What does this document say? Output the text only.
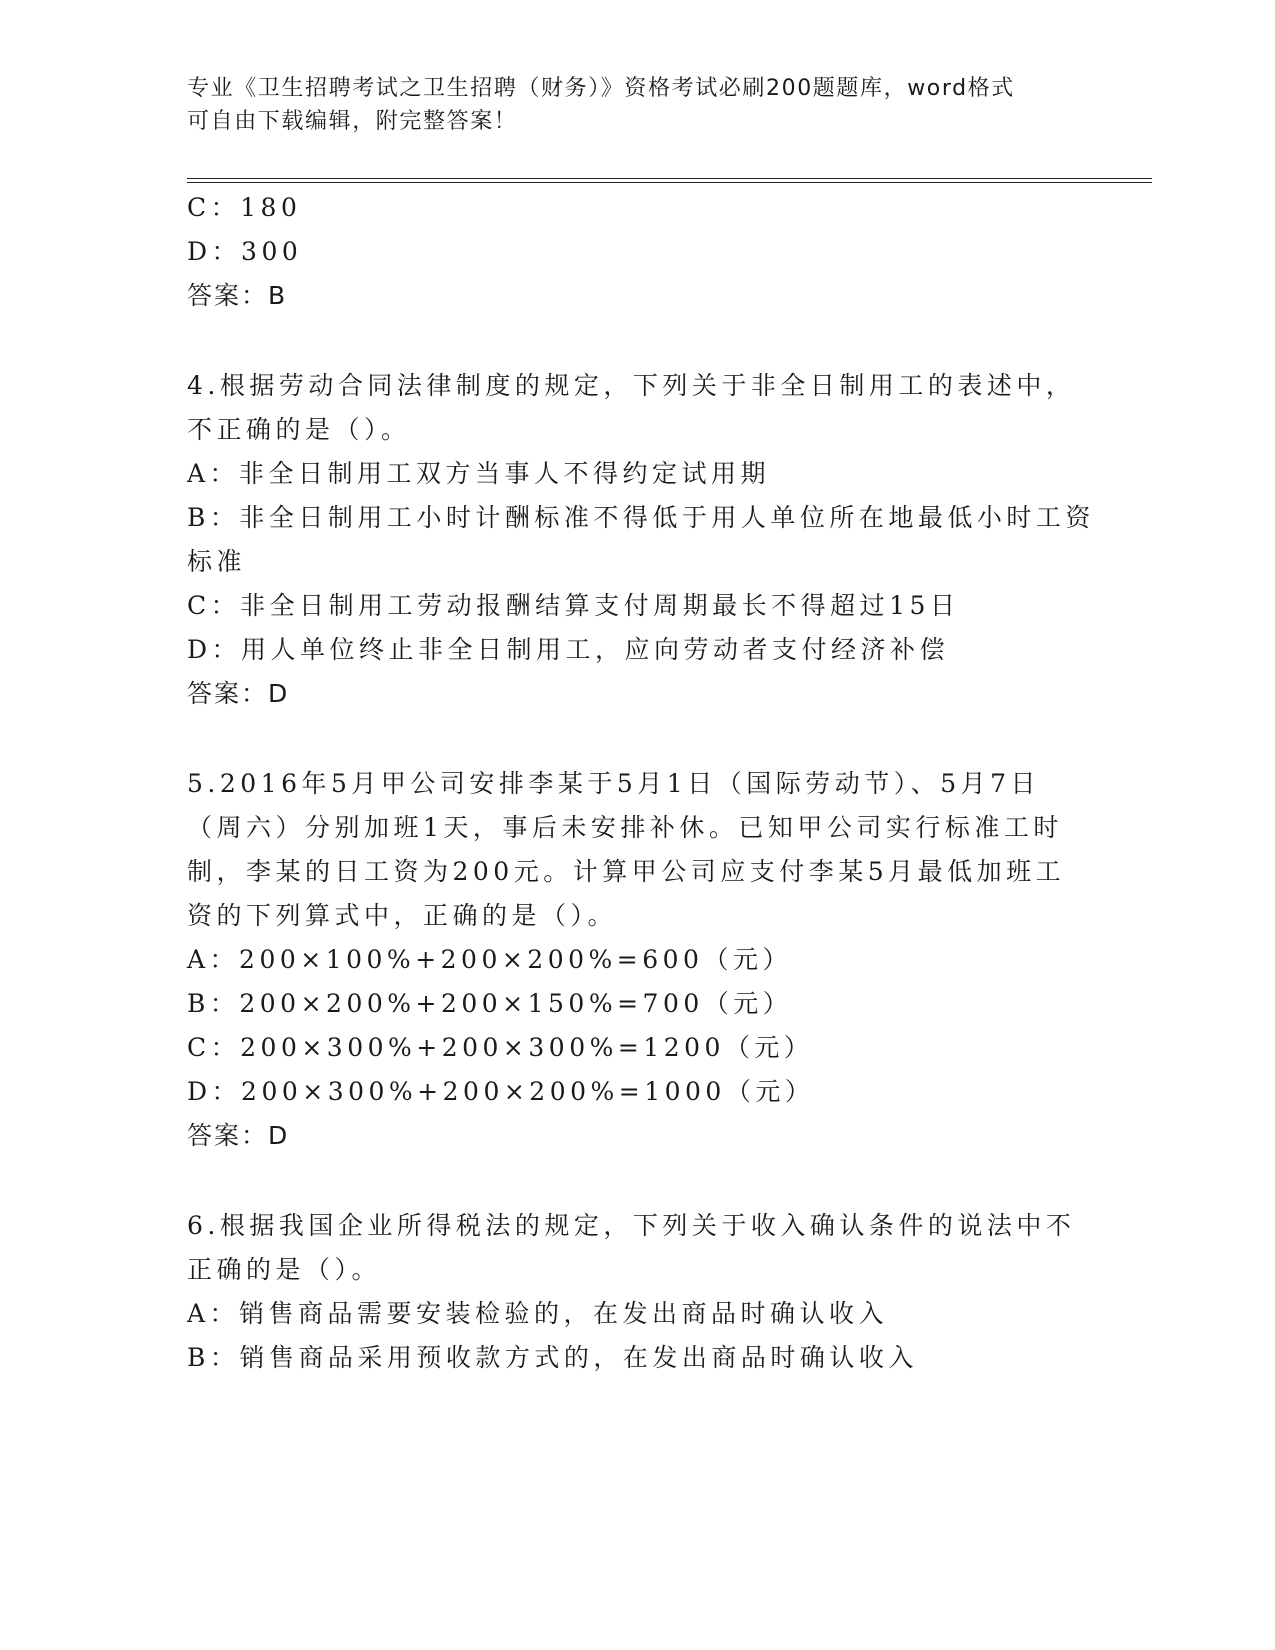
专业《卫生招聘考试之卫生招聘（财务）》资格考试必刷200题题库，word格式
可自由下载编辑，附完整答案！
C：180
D：300
答案：B
4.根据劳动合同法律制度的规定，下列关于非全日制用工的表述中，
不正确的是（）。
A：非全日制用工双方当事人不得约定试用期
B：非全日制用工小时计酬标准不得低于用人单位所在地最低小时工资
标准
C：非全日制用工劳动报酬结算支付周期最长不得超过15日
D：用人单位终止非全日制用工，应向劳动者支付经济补偿
答案：D
5.2016年5月甲公司安排李某于5月1日（国际劳动节）、5月7日
（周六）分别加班1天，事后未安排补休。已知甲公司实行标准工时
制，李某的日工资为200元。计算甲公司应支付李某5月最低加班工
资的下列算式中，正确的是（）。
A：200×100%+200×200%=600（元）
B：200×200%+200×150%=700（元）
C：200×300%+200×300%=1200（元）
D：200×300%+200×200%=1000（元）
答案：D
6.根据我国企业所得税法的规定，下列关于收入确认条件的说法中不
正确的是（）。
A：销售商品需要安装检验的，在发出商品时确认收入
B：销售商品采用预收款方式的，在发出商品时确认收入
